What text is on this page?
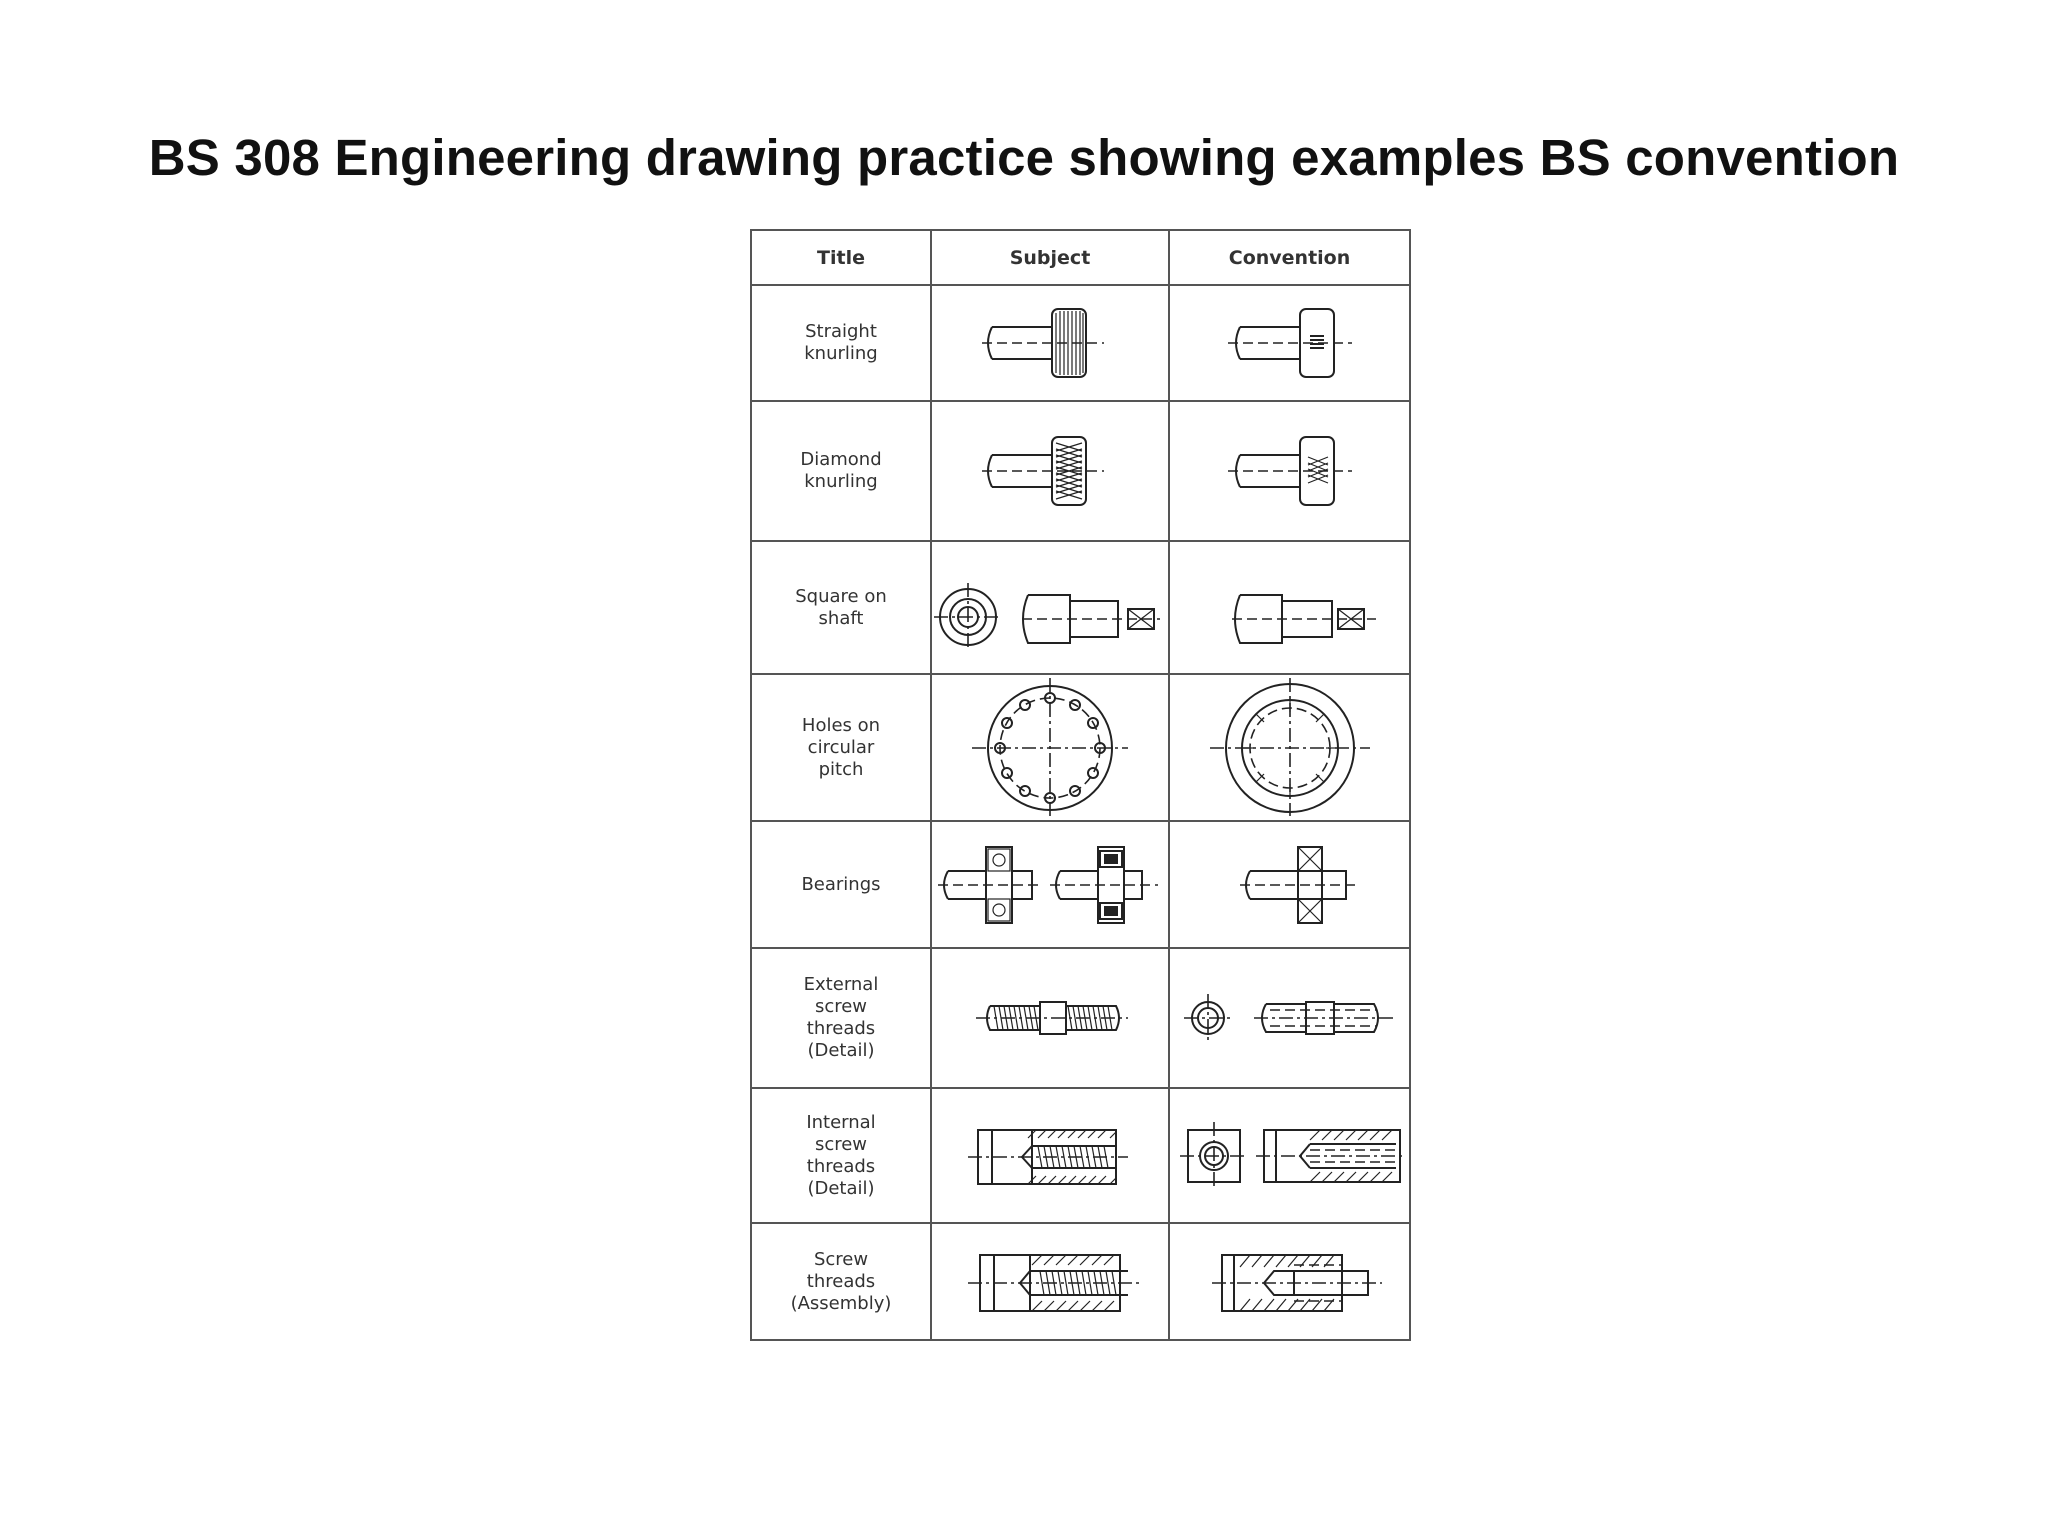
BS 308 Engineering drawing practice showing examples BS convention
Title	Subject	Convention

Straight
knurling

Diamond
knurling

Square on
shaft

Holes on
circular
pitch

Bearings

External
screw
threads
(Detail)

Internal
screw
threads
(Detail)

Screw
threads
(Assembly)
